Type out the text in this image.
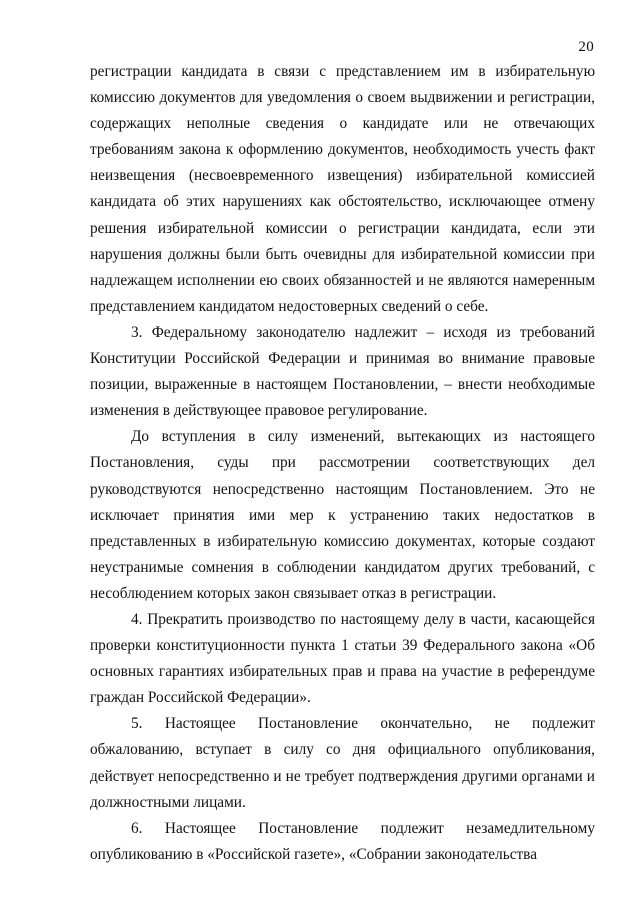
20

регистрации кандидата в связи с представлением им в избирательную комиссию документов для уведомления о своем выдвижении и регистрации, содержащих неполные сведения о кандидате или не отвечающих требованиям закона к оформлению документов, необходимость учесть факт неизвещения (несвоевременного извещения) избирательной комиссией кандидата об этих нарушениях как обстоятельство, исключающее отмену решения избирательной комиссии о регистрации кандидата, если эти нарушения должны были быть очевидны для избирательной комиссии при надлежащем исполнении ею своих обязанностей и не являются намеренным представлением кандидатом недостоверных сведений о себе.

3. Федеральному законодателю надлежит – исходя из требований Конституции Российской Федерации и принимая во внимание правовые позиции, выраженные в настоящем Постановлении, – внести необходимые изменения в действующее правовое регулирование.

До вступления в силу изменений, вытекающих из настоящего Постановления, суды при рассмотрении соответствующих дел руководствуются непосредственно настоящим Постановлением. Это не исключает принятия ими мер к устранению таких недостатков в представленных в избирательную комиссию документах, которые создают неустранимые сомнения в соблюдении кандидатом других требований, с несоблюдением которых закон связывает отказ в регистрации.

4. Прекратить производство по настоящему делу в части, касающейся проверки конституционности пункта 1 статьи 39 Федерального закона «Об основных гарантиях избирательных прав и права на участие в референдуме граждан Российской Федерации».

5. Настоящее Постановление окончательно, не подлежит обжалованию, вступает в силу со дня официального опубликования, действует непосредственно и не требует подтверждения другими органами и должностными лицами.

6. Настоящее Постановление подлежит незамедлительному опубликованию в «Российской газете», «Собрании законодательства
